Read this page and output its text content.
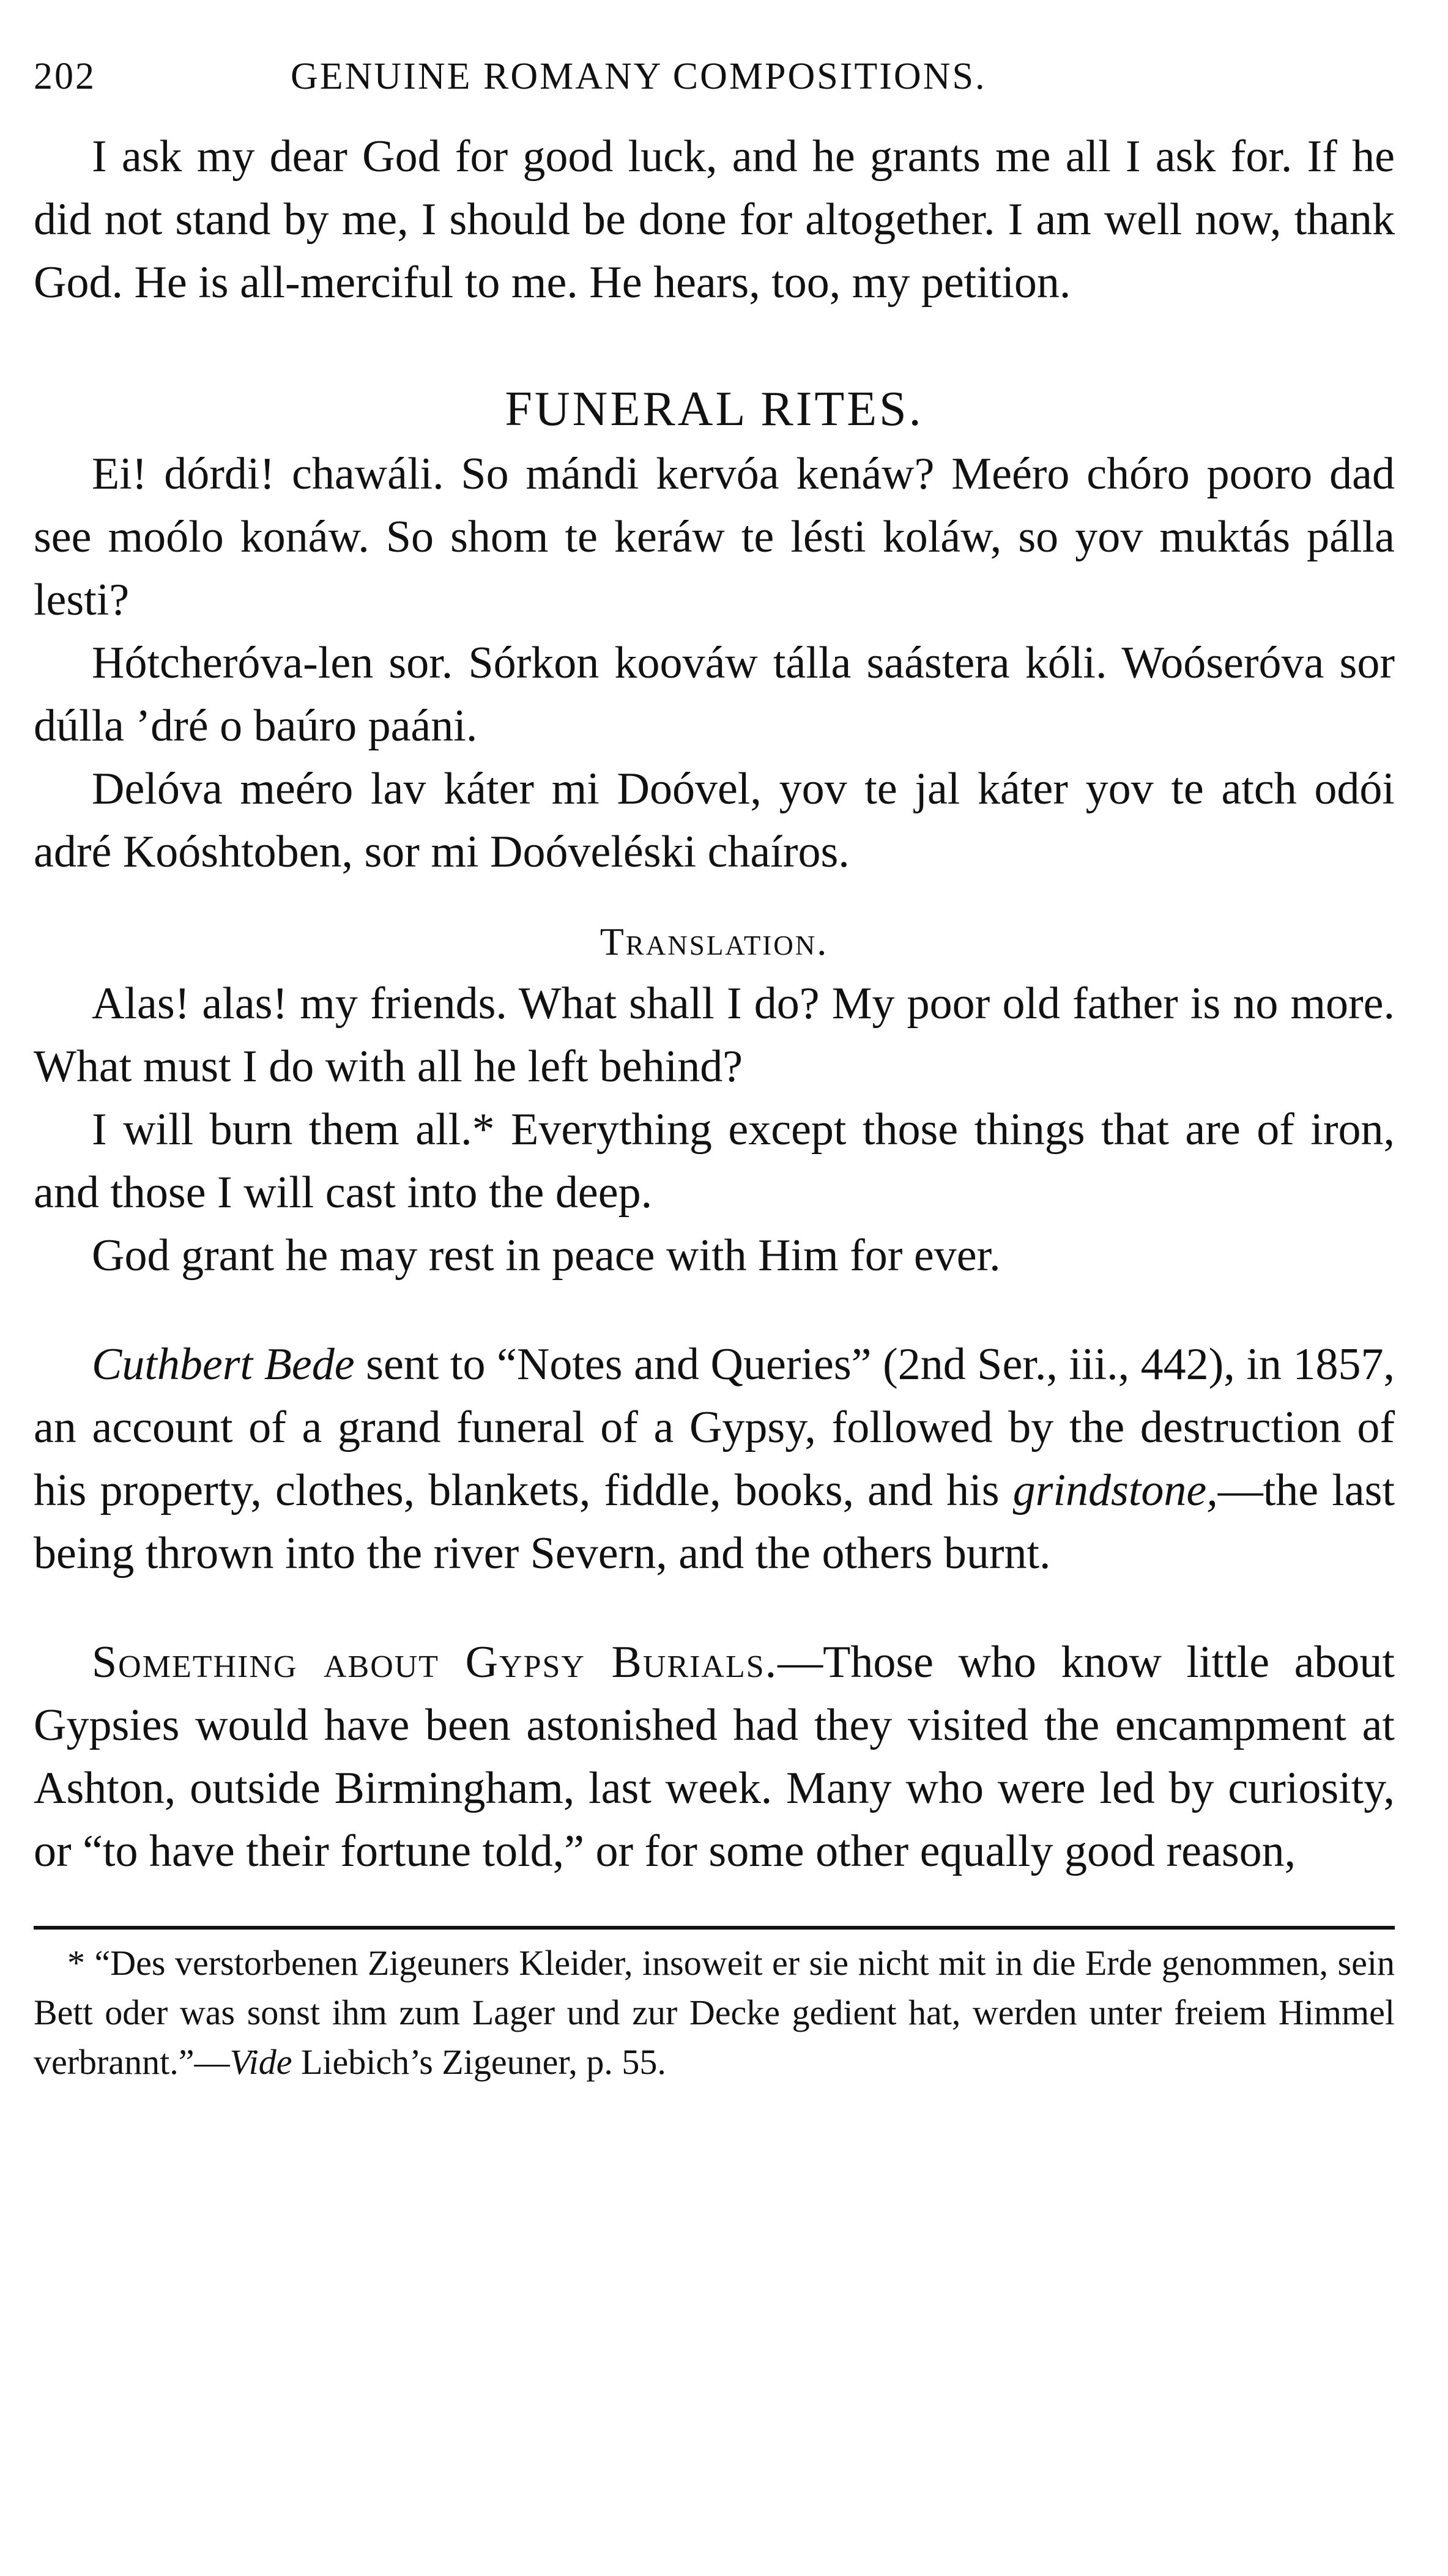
202	GENUINE ROMANY COMPOSITIONS.

I ask my dear God for good luck, and he grants me all I ask for. If he did not stand by me, I should be done for altogether. I am well now, thank God. He is all-merciful to me. He hears, too, my petition.

FUNERAL RITES.

Ei! dórdi! chawáli. So mándi kervóa kenáw? Meéro chóro pooro dad see moólo konáw. So shom te keráw te lésti koláw, so yov muktás pálla lesti?

Hótcheróva-len sor. Sórkon koováw tálla saástera kóli. Woóseróva sor dúlla ’dré o baúro paáni.

Delóva meéro lav káter mi Doóvel, yov te jal káter yov te atch odói adré Koóshtoben, sor mi Doóveléski chaíros.

Translation.

Alas! alas! my friends. What shall I do? My poor old father is no more. What must I do with all he left behind?

I will burn them all.* Everything except those things that are of iron, and those I will cast into the deep.

God grant he may rest in peace with Him for ever.

Cuthbert Bede sent to “Notes and Queries” (2nd Ser., iii., 442), in 1857, an account of a grand funeral of a Gypsy, followed by the destruction of his property, clothes, blankets, fiddle, books, and his grindstone,—the last being thrown into the river Severn, and the others burnt.

Something about Gypsy Burials.—Those who know little about Gypsies would have been astonished had they visited the encampment at Ashton, outside Birmingham, last week. Many who were led by curiosity, or “to have their fortune told,” or for some other equally good reason,

* “Des verstorbenen Zigeuners Kleider, insoweit er sie nicht mit in die Erde genommen, sein Bett oder was sonst ihm zum Lager und zur Decke gedient hat, werden unter freiem Himmel verbrannt.”—Vide Liebich’s Zigeuner, p. 55.
